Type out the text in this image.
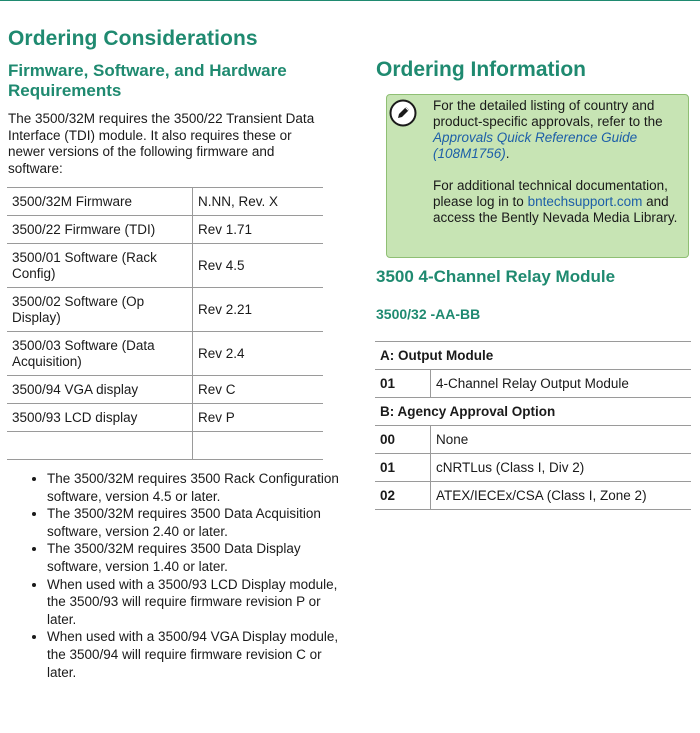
Ordering Considerations
Firmware, Software, and Hardware Requirements

The 3500/32M requires the 3500/22 Transient Data Interface (TDI) module. It also requires these or newer versions of the following firmware and software:

3500/32M Firmware	N.NN, Rev. X
3500/22 Firmware (TDI)	Rev 1.71
3500/01 Software (Rack Config)	Rev 4.5
3500/02 Software (Op Display)	Rev 2.21
3500/03 Software (Data Acquisition)	Rev 2.4
3500/94 VGA display	Rev C
3500/93 LCD display	Rev P

• The 3500/32M requires 3500 Rack Configuration software, version 4.5 or later.
• The 3500/32M requires 3500 Data Acquisition software, version 2.40 or later.
• The 3500/32M requires 3500 Data Display software, version 1.40 or later.
• When used with a 3500/93 LCD Display module, the 3500/93 will require firmware revision P or later.
• When used with a 3500/94 VGA Display module, the 3500/94 will require firmware revision C or later.
Ordering Information

For the detailed listing of country and product-specific approvals, refer to the Approvals Quick Reference Guide (108M1756).

For additional technical documentation, please log in to bntechsupport.com and access the Bently Nevada Media Library.

3500 4-Channel Relay Module
3500/32 -AA-BB
A: Output Module	
01	4-Channel Relay Output Module
B: Agency Approval Option	
00	None
01	cNRTLus (Class I, Div 2)
02	ATEX/IECEx/CSA (Class I, Zone 2)
